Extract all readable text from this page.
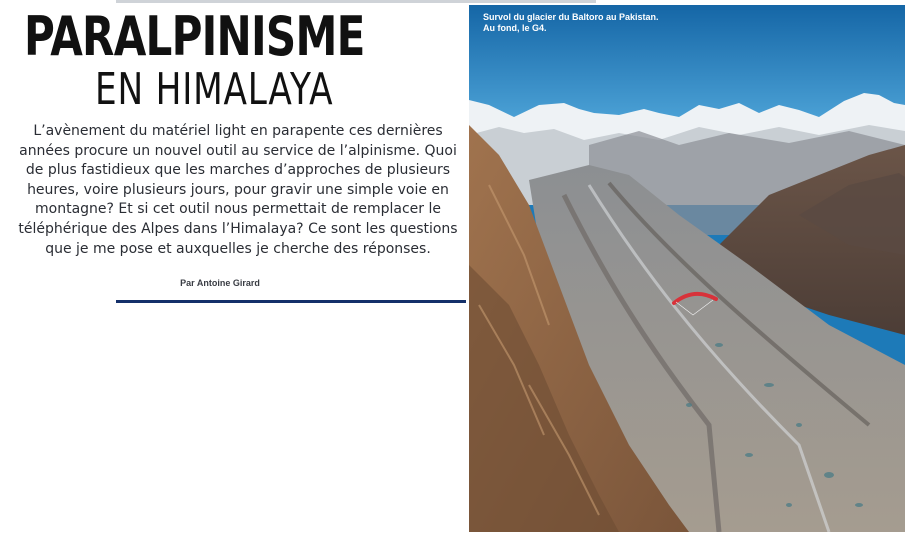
PARALPINISME
EN HIMALAYA

L’avènement du matériel light en parapente ces dernières années procure un nouvel outil au service de l’alpinisme. Quoi de plus fastidieux que les marches d’approches de plusieurs heures, voire plusieurs jours, pour gravir une simple voie en montagne? Et si cet outil nous permettait de remplacer le téléphérique des Alpes dans l’Himalaya? Ce sont les questions que je me pose et auxquelles je cherche des réponses.

Par Antoine Girard

Survol du glacier du Baltoro au Pakistan.
Au fond, le G4.
